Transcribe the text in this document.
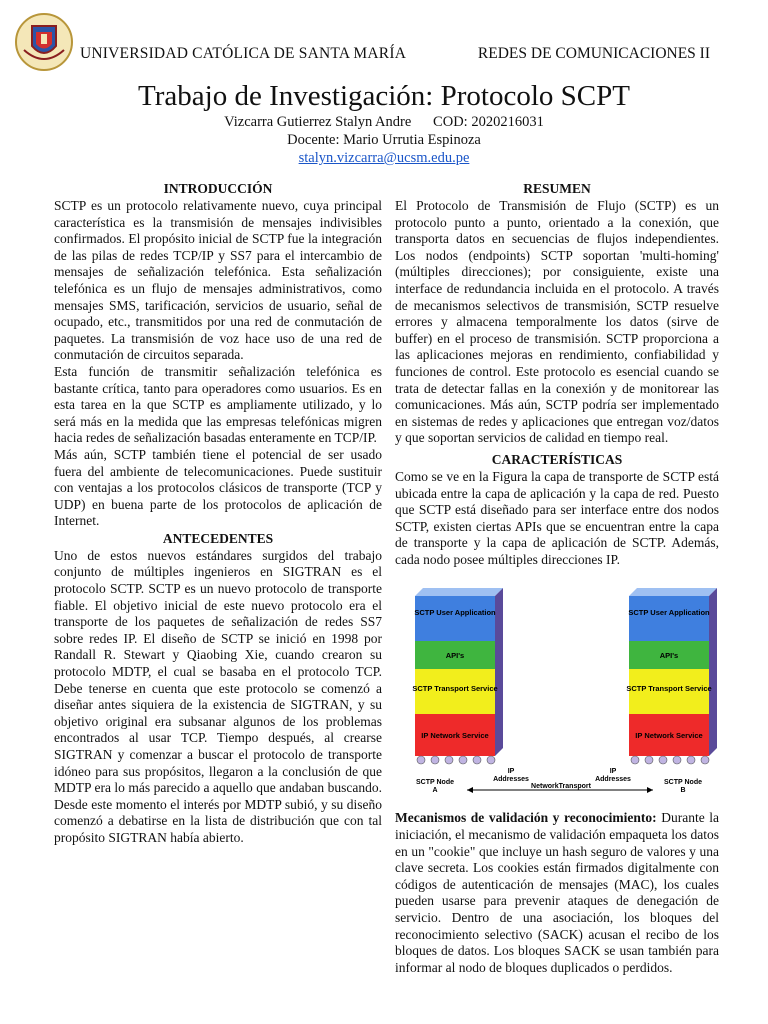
UNIVERSIDAD CATÓLICA DE SANTA MARÍA	REDES DE COMUNICACIONES II
Trabajo de Investigación: Protocolo SCPT
Vizcarra Gutierrez Stalyn Andre      COD: 2020216031
Docente: Mario Urrutia Espinoza
stalyn.vizcarra@ucsm.edu.pe
INTRODUCCIÓN

SCTP es un protocolo relativamente nuevo, cuya principal característica es la transmisión de mensajes indivisibles confirmados. El propósito inicial de SCTP fue la integración de las pilas de redes TCP/IP y SS7 para el intercambio de mensajes de señalización telefónica. Esta señalización telefónica es un flujo de mensajes administrativos, como mensajes SMS, tarificación, servicios de usuario, señal de ocupado, etc., transmitidos por una red de conmutación de paquetes. La transmisión de voz hace uso de una red de conmutación de circuitos separada.

Esta función de transmitir señalización telefónica es bastante crítica, tanto para operadores como usuarios. Es en esta tarea en la que SCTP es ampliamente utilizado, y lo será más en la medida que las empresas telefónicas migren hacia redes de señalización basadas enteramente en TCP/IP.

Más aún, SCTP también tiene el potencial de ser usado fuera del ambiente de telecomunicaciones. Puede sustituir con ventajas a los protocolos clásicos de transporte (TCP y UDP) en buena parte de los protocolos de aplicación de Internet.

ANTECEDENTES

Uno de estos nuevos estándares surgidos del trabajo conjunto de múltiples ingenieros en SIGTRAN es el protocolo SCTP. SCTP es un nuevo protocolo de transporte fiable. El objetivo inicial de este nuevo protocolo era el transporte de los paquetes de señalización de redes SS7 sobre redes IP. El diseño de SCTP se inició en 1998 por Randall R. Stewart y Qiaobing Xie, cuando crearon su protocolo MDTP, el cual se basaba en el protocolo TCP. Debe tenerse en cuenta que este protocolo se comenzó a diseñar antes siquiera de la existencia de SIGTRAN, y su objetivo original era subsanar algunos de los problemas encontrados al usar TCP. Tiempo después, al crearse SIGTRAN y comenzar a buscar el protocolo de transporte idóneo para sus propósitos, llegaron a la conclusión de que MDTP era lo más parecido a aquello que andaban buscando. Desde este momento el interés por MDTP subió, y su diseño comenzó a debatirse en la lista de distribución que con tal propósito SIGTRAN había abierto.

RESUMEN

El Protocolo de Transmisión de Flujo (SCTP) es un protocolo punto a punto, orientado a la conexión, que transporta datos en secuencias de flujos independientes. Los nodos (endpoints) SCTP soportan 'multi-homing' (múltiples direcciones); por consiguiente, existe una interface de redundancia incluida en el protocolo. A través de mecanismos selectivos de transmisión, SCTP resuelve errores y almacena temporalmente los datos (sirve de buffer) en el proceso de transmisión. SCTP proporciona a las aplicaciones mejoras en rendimiento, confiabilidad y funciones de control. Este protocolo es esencial cuando se trata de detectar fallas en la conexión y de monitorear las comunicaciones. Más aún, SCTP podría ser implementado en sistemas de redes y aplicaciones que entregan voz/datos y que soportan servicios de calidad en tiempo real.

CARACTERÍSTICAS

Como se ve en la Figura la capa de transporte de SCTP está ubicada entre la capa de aplicación y la capa de red. Puesto que SCTP está diseñado para ser interface entre dos nodos SCTP, existen ciertas APIs que se encuentran entre la capa de transporte y la capa de aplicación de SCTP. Además, cada nodo posee múltiples direcciones IP.

SCTP User Application
API's
SCTP Transport Service
IP Network Service
SCTP User Application
API's
SCTP Transport Service
IP Network Service
IP Addresses
IP Addresses
SCTP Node A
SCTP Node B
NetworkTransport

Mecanismos de validación y reconocimiento: Durante la iniciación, el mecanismo de validación empaqueta los datos en un "cookie" que incluye un hash seguro de valores y una clave secreta. Los cookies están firmados digitalmente con códigos de autenticación de mensajes (MAC), los cuales pueden usarse para prevenir ataques de denegación de servicio. Dentro de una asociación, los bloques del reconocimiento selectivo (SACK) acusan el recibo de los bloques de datos. Los bloques SACK se usan también para informar al nodo de bloques duplicados o perdidos.
